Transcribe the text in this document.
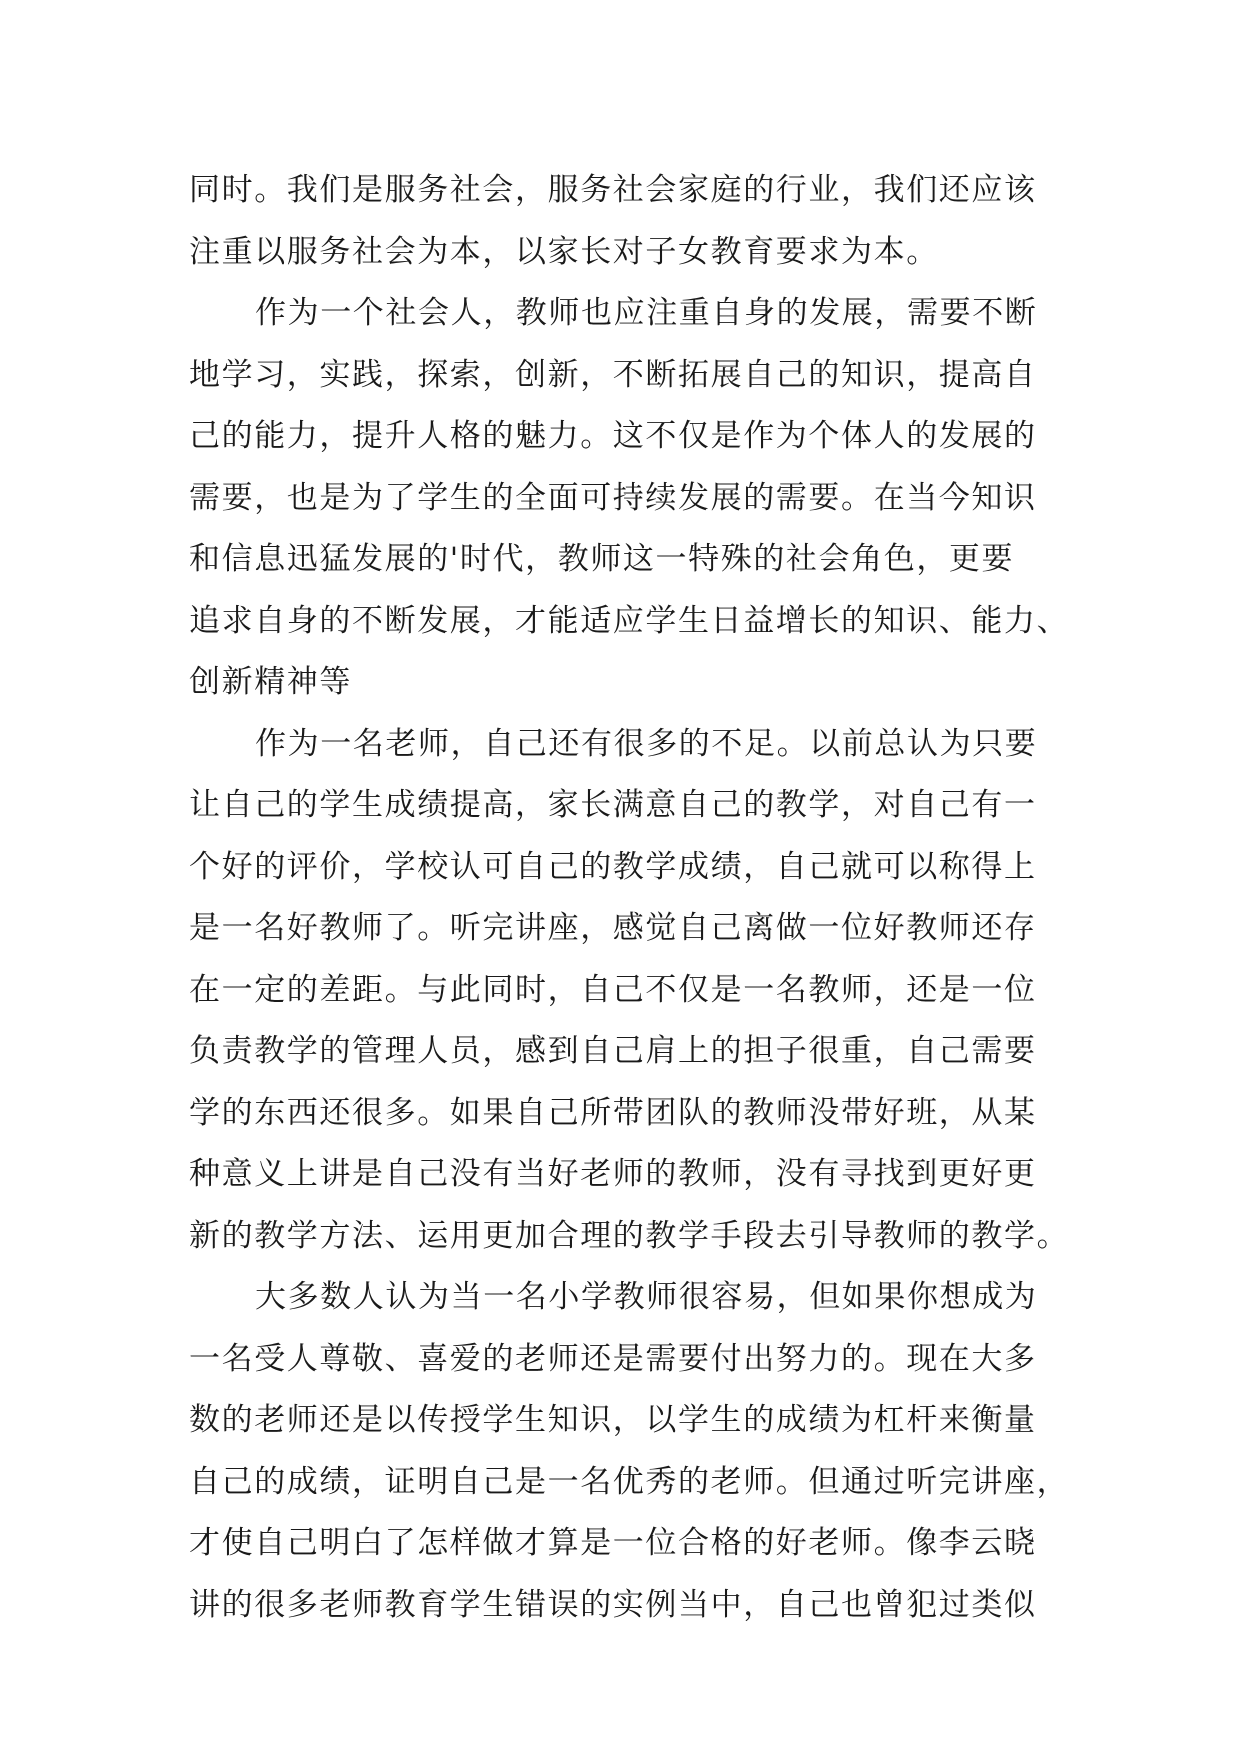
同时。我们是服务社会，服务社会家庭的行业，我们还应该
注重以服务社会为本，以家长对子女教育要求为本。
作为一个社会人，教师也应注重自身的发展，需要不断
地学习，实践，探索，创新，不断拓展自己的知识，提高自
己的能力，提升人格的魅力。这不仅是作为个体人的发展的
需要，也是为了学生的全面可持续发展的需要。在当今知识
和信息迅猛发展的'时代，教师这一特殊的社会角色，更要
追求自身的不断发展，才能适应学生日益增长的知识、能力、
创新精神等
作为一名老师，自己还有很多的不足。以前总认为只要
让自己的学生成绩提高，家长满意自己的教学，对自己有一
个好的评价，学校认可自己的教学成绩，自己就可以称得上
是一名好教师了。听完讲座，感觉自己离做一位好教师还存
在一定的差距。与此同时，自己不仅是一名教师，还是一位
负责教学的管理人员，感到自己肩上的担子很重，自己需要
学的东西还很多。如果自己所带团队的教师没带好班，从某
种意义上讲是自己没有当好老师的教师，没有寻找到更好更
新的教学方法、运用更加合理的教学手段去引导教师的教学。
大多数人认为当一名小学教师很容易，但如果你想成为
一名受人尊敬、喜爱的老师还是需要付出努力的。现在大多
数的老师还是以传授学生知识，以学生的成绩为杠杆来衡量
自己的成绩，证明自己是一名优秀的老师。但通过听完讲座，
才使自己明白了怎样做才算是一位合格的好老师。像李云晓
讲的很多老师教育学生错误的实例当中，自己也曾犯过类似
